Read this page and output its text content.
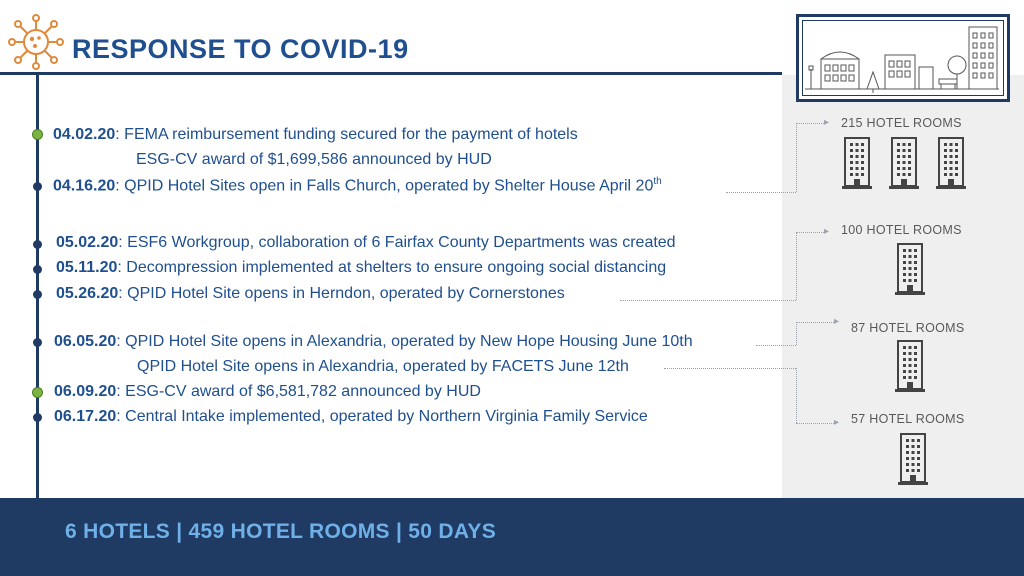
RESPONSE TO COVID-19
04.02.20: FEMA reimbursement funding secured for the payment of hotels
ESG-CV award of $1,699,586 announced by HUD
04.16.20: QPID Hotel Sites open in Falls Church, operated by Shelter House April 20th
05.02.20: ESF6 Workgroup, collaboration of 6 Fairfax County Departments was created
05.11.20: Decompression implemented at shelters to ensure ongoing social distancing
05.26.20: QPID Hotel Site opens in Herndon, operated by Cornerstones
06.05.20: QPID Hotel Site opens in Alexandria, operated by New Hope Housing June 10th
QPID Hotel Site opens in Alexandria, operated by FACETS June 12th
06.09.20: ESG-CV award of $6,581,782 announced by HUD
06.17.20: Central Intake implemented, operated by Northern Virginia Family Service
▸
▸
▸
▸
215 HOTEL ROOMS
100 HOTEL ROOMS
87 HOTEL ROOMS
57 HOTEL ROOMS
6 HOTELS | 459 HOTEL ROOMS | 50 DAYS
